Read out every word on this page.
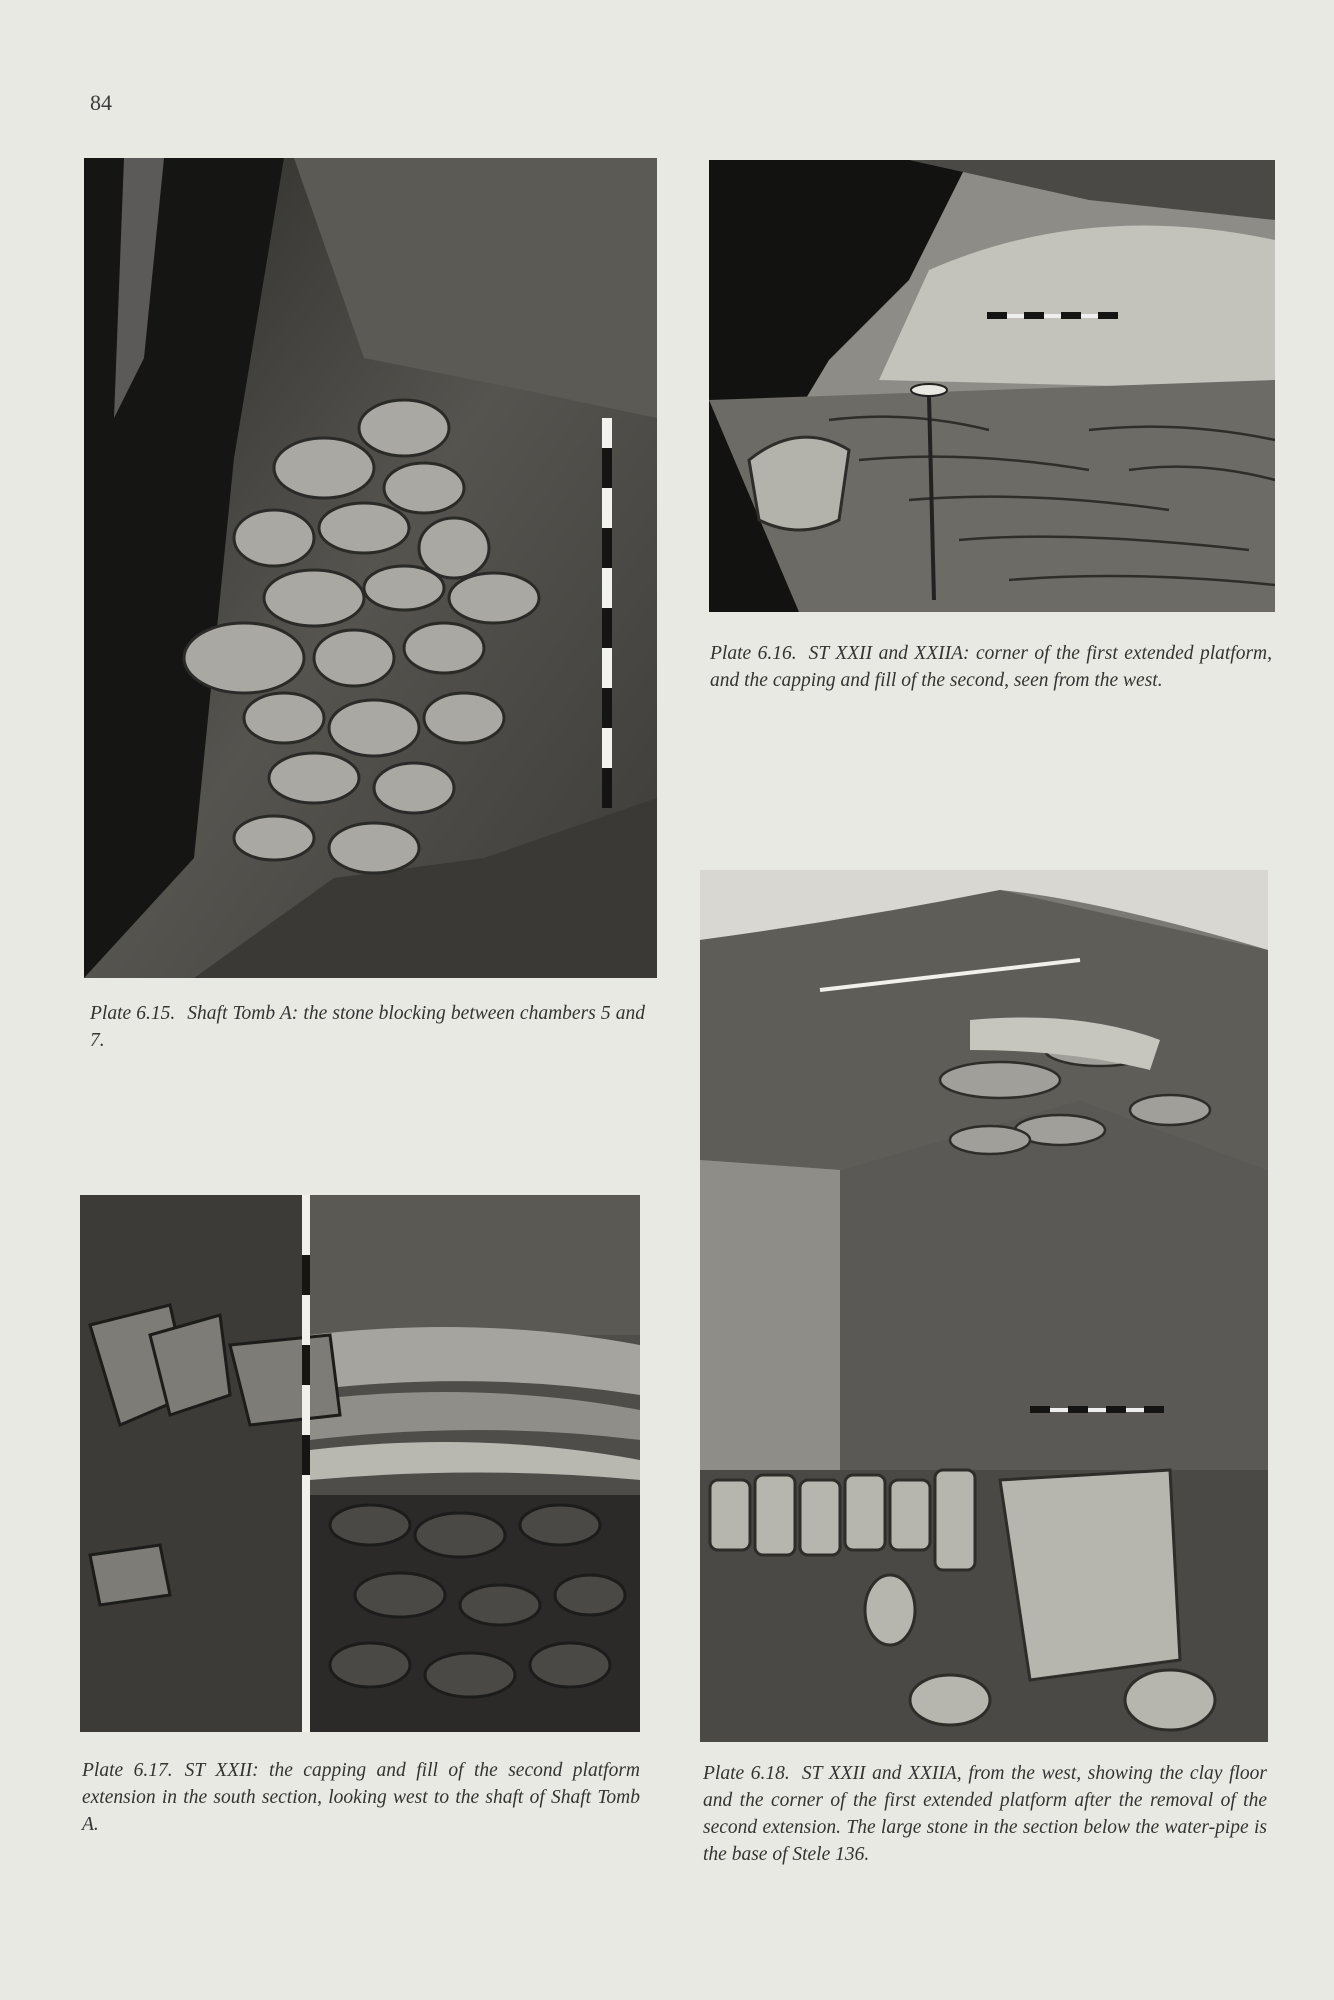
84

Plate 6.15. Shaft Tomb A: the stone blocking between chambers 5 and 7.

Plate 6.16. ST XXII and XXIIA: corner of the first extended platform, and the capping and fill of the second, seen from the west.

Plate 6.17. ST XXII: the capping and fill of the second platform extension in the south section, looking west to the shaft of Shaft Tomb A.

Plate 6.18. ST XXII and XXIIA, from the west, showing the clay floor and the corner of the first extended platform after the removal of the second extension. The large stone in the section below the water-pipe is the base of Stele 136.
